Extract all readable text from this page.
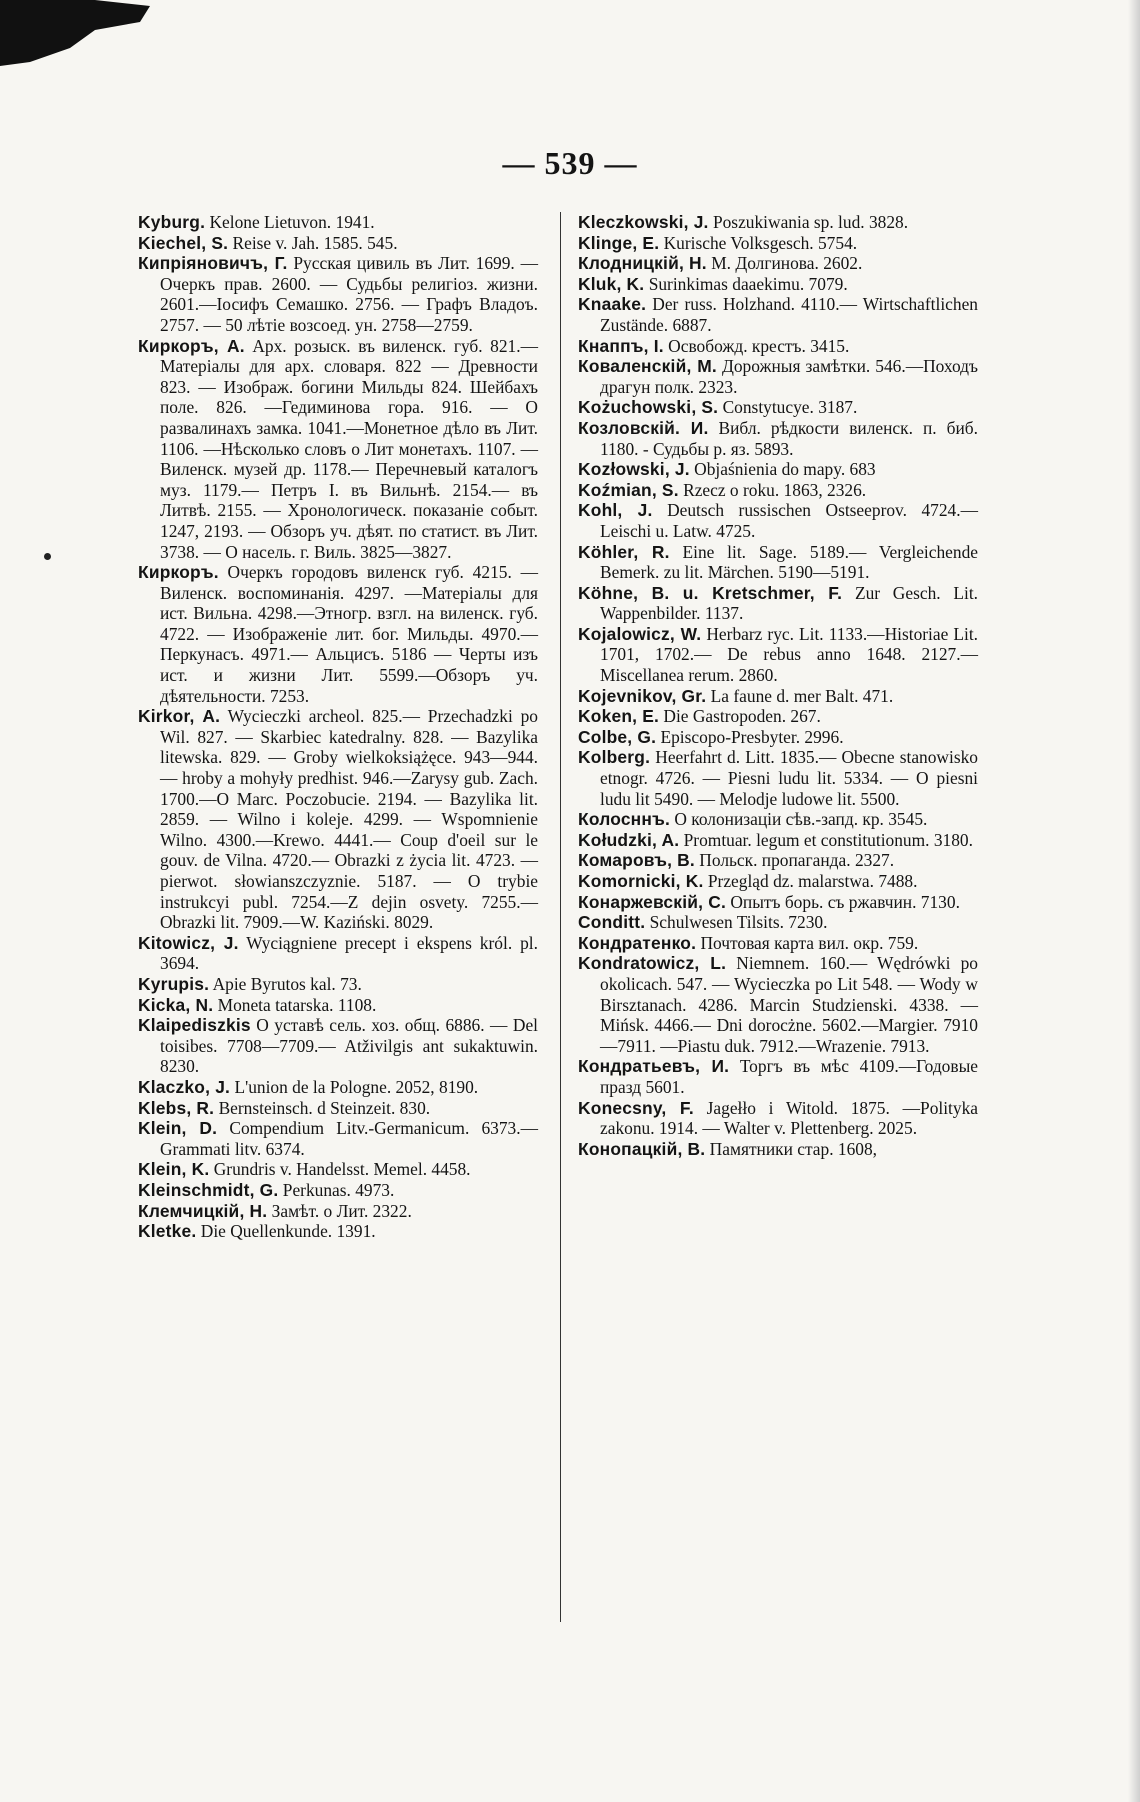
— 539 —
Kyburg. Kelone Lietuvon. 1941.
Kiechel, S. Reise v. Jah. 1585. 545.
Кипріяновичъ, Г. Русская цивиль въ Лит. 1699. — Очеркъ прав. 2600. — Судьбы религіоз. жизни. 2601.—Іосифъ Семашко. 2756. — Графъ Владоъ. 2757. — 50 лѣтіе возсоед. ун. 2758—2759.
Киркоръ, А. Арх. розыск. въ виленск. губ. 821.—Матеріалы для арх. словаря. 822 — Древности 823. — Изображ. богини Мильды 824. Шейбахъ поле. 826. —Гедиминова гора. 916. — О развалинахъ замка. 1041.—Монетное дѣло въ Лит. 1106. —Нѣсколько словъ о Лит монетахъ. 1107. —Виленск. музей др. 1178.— Перечневый каталогъ муз. 1179.— Петръ I. въ Вильнѣ. 2154.— въ Литвѣ. 2155. — Хронологическ. показаніе событ. 1247, 2193. — Обзоръ уч. дѣят. по статист. въ Лит. 3738. — О насель. г. Виль. 3825—3827.
Киркоръ. Очеркъ городовъ виленск губ. 4215. — Виленск. воспоминанія. 4297. —Матеріалы для ист. Вильна. 4298.—Этногр. взгл. на виленск. губ. 4722. — Изображеніе лит. бог. Мильды. 4970.—Перкунасъ. 4971.— Альцисъ. 5186 — Черты изъ ист. и жизни Лит. 5599.—Обзоръ уч. дѣятельности. 7253.
Kirkor, A. Wycieczki archeol. 825.— Przechadzki po Wil. 827. — Skarbiec katedralny. 828. — Bazylika litewska. 829. — Groby wielkoksiążęce. 943—944. — hroby a mohyły predhist. 946.—Zarysy gub. Zach. 1700.—O Marc. Poczobucie. 2194. — Bazylika lit. 2859. — Wilno i koleje. 4299. — Wspomnienie Wilno. 4300.—Krewo. 4441.— Coup d'oeil sur le gouv. de Vilna. 4720.— Obrazki z życia lit. 4723. — pierwot. słowianszczyznie. 5187. — O trybie instrukcyi publ. 7254.—Z dejin osvety. 7255.—Obrazki lit. 7909.—W. Kaziński. 8029.
Kitowicz, J. Wyciągniene precept i ekspens król. pl. 3694.
Kyrupis. Apie Byrutos kal. 73.
Kicka, N. Moneta tatarska. 1108.
Klaipediszkis O уставѣ сель. хоз. общ. 6886. — Del toisibes. 7708—7709.— Atživilgis ant sukaktuwin. 8230.
Klaczko, J. L'union de la Pologne. 2052, 8190.
Klebs, R. Bernsteinsch. d Steinzeit. 830.
Klein, D. Compendium Litv.-Germanicum. 6373.—Grammati litv. 6374.
Klein, K. Grundris v. Handelsst. Memel. 4458.
Kleinschmidt, G. Perkunas. 4973.
Клемчицкій, Н. Замѣт. о Лит. 2322.
Kletke. Die Quellenkunde. 1391.
Kleczkowski, J. Poszukiwania sp. lud. 3828.
Klinge, E. Kurische Volksgesch. 5754.
Клодницкій, Н. М. Долгинова. 2602.
Kluk, K. Surinkimas daaekimu. 7079.
Knaake. Der russ. Holzhand. 4110.— Wirtschaftlichen Zustände. 6887.
Кнаппъ, І. Освобожд. крестъ. 3415.
Коваленскій, М. Дорожныя замѣтки. 546.—Походъ драгун полк. 2323.
Kożuchowski, S. Constytucye. 3187.
Козловскій. И. Вибл. рѣдкости виленск. п. биб. 1180. - Судьбы р. яз. 5893.
Kozłowski, J. Objaśnienia do mapy. 683
Koźmian, S. Rzecz o roku. 1863, 2326.
Kohl, J. Deutsch russischen Ostseeprov. 4724.—Leischi u. Latw. 4725.
Köhler, R. Eine lit. Sage. 5189.— Vergleichende Bemerk. zu lit. Märchen. 5190—5191.
Köhne, B. u. Kretschmer, F. Zur Gesch. Lit. Wappenbilder. 1137.
Kojalowicz, W. Herbarz ryc. Lit. 1133.—Historiae Lit. 1701, 1702.— De rebus anno 1648. 2127.—Miscellanea rerum. 2860.
Kojevnikov, Gr. La faune d. mer Balt. 471.
Koken, E. Die Gastropoden. 267.
Colbe, G. Episcopo-Presbyter. 2996.
Kolberg. Heerfahrt d. Litt. 1835.— Obecne stanowisko etnogr. 4726. — Piesni ludu lit. 5334. — O piesni ludu lit 5490. — Melodje ludowe lit. 5500.
Колосннъ. О колонизаціи сѣв.-запд. кр. 3545.
Kołudzki, A. Promtuar. legum et constitutionum. 3180.
Комаровъ, В. Польск. пропаганда. 2327.
Komornicki, K. Przegląd dz. malarstwa. 7488.
Конаржевскій, С. Опытъ борь. съ ржавчин. 7130.
Conditt. Schulwesen Tilsits. 7230.
Кондратенко. Почтовая карта вил. окр. 759.
Kondratowicz, L. Niemnem. 160.— Wędrówki po okolicach. 547. — Wycieczka po Lit 548. — Wody w Birsztanach. 4286. Marcin Studzienski. 4338. — Mińsk. 4466.— Dni dorocżne. 5602.—Margier. 7910—7911. —Piastu duk. 7912.—Wrazenie. 7913.
Кондратьевъ, И. Торгъ въ мѣс 4109.—Годовые празд 5601.
Konecsny, F. Jagełło i Witold. 1875. —Polityka zakonu. 1914. — Walter v. Plettenberg. 2025.
Конопацкій, В. Памятники стар. 1608,
